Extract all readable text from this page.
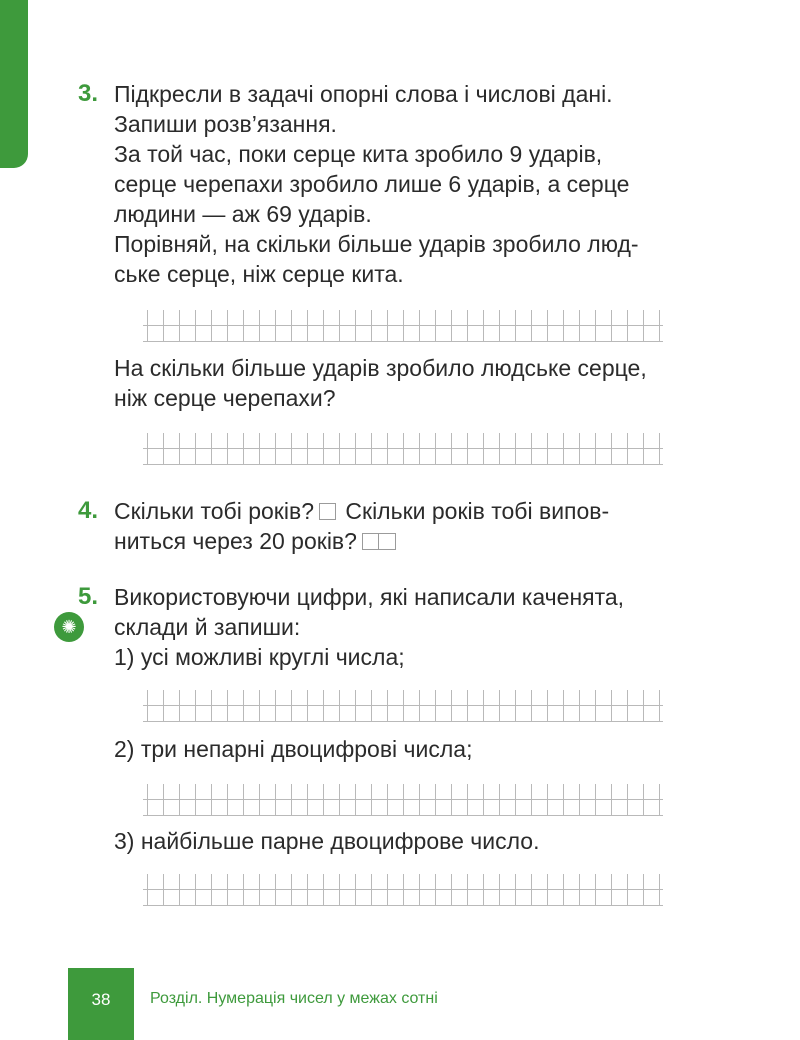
3. Підкресли в задачі опорні слова і числові дані.

Запиши розв’язання.

За той час, поки серце кита зробило 9 ударів,

серце черепахи зробило лише 6 ударів, а серце

людини — аж 69 ударів.

Порівняй, на скільки більше ударів зробило люд-

ське серце, ніж серце кита.

На скільки більше ударів зробило людське серце,

ніж серце черепахи?

4. Скільки тобі років? Скільки років тобі випов-

ниться через 20 років?

5. Використовуючи цифри, які написали каченята,

склади й запиши:

1) усі можливі круглі числа;

✺

2) три непарні двоцифрові числа;

3) найбільше парне двоцифрове число.

38	Розділ. Нумерація чисел у межах сотні
